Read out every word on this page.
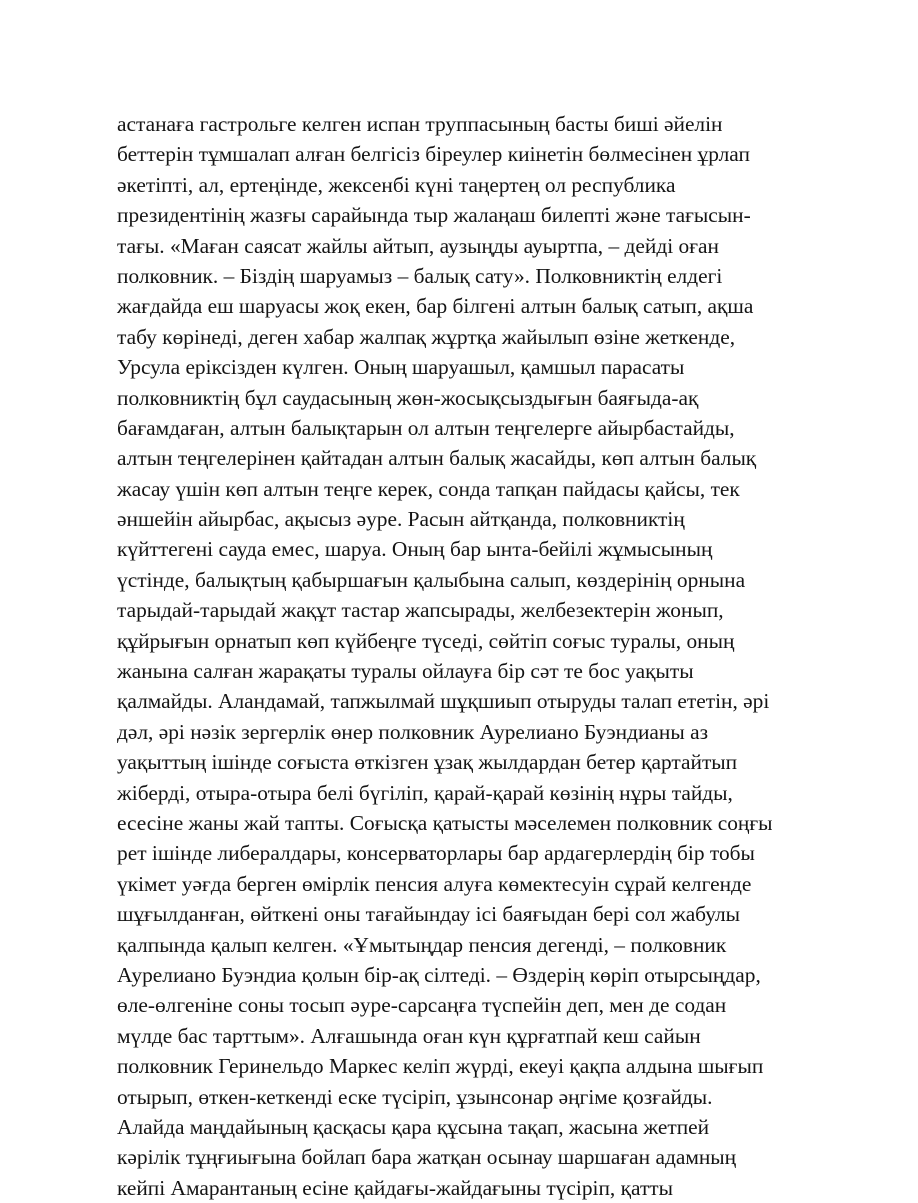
астанаға гастрольге келген испан труппасының басты биші әйелін
беттерін тұмшалап алған белгісіз біреулер киінетін бөлмесінен ұрлап
әкетіпті, ал, ертеңінде, жексенбі күні таңертең ол республика
президентінің жазғы сарайында тыр жалаңаш билепті және тағысын-
тағы. «Маған саясат жайлы айтып, аузыңды ауыртпа, – дейді оған
полковник. – Біздің шаруамыз – балық сату». Полковниктің елдегі
жағдайда еш шаруасы жоқ екен, бар білгені алтын балық сатып, ақша
табу көрінеді, деген хабар жалпақ жұртқа жайылып өзіне жеткенде,
Урсула еріксізден күлген. Оның шаруашыл, қамшыл парасаты
полковниктің бұл саудасының жөн-жосықсыздығын баяғыда-ақ
бағамдаған, алтын балықтарын ол алтын теңгелерге айырбастайды,
алтын теңгелерінен қайтадан алтын балық жасайды, көп алтын балық
жасау үшін көп алтын теңге керек, сонда тапқан пайдасы қайсы, тек
әншейін айырбас, ақысыз әуре. Расын айтқанда, полковниктің
күйттегені сауда емес, шаруа. Оның бар ынта-бейілі жұмысының
үстінде, балықтың қабыршағын қалыбына салып, көздерінің орнына
тарыдай-тарыдай жақұт тастар жапсырады, желбезектерін жонып,
құйрығын орнатып көп күйбеңге түседі, сөйтіп соғыс туралы, оның
жанына салған жарақаты туралы ойлауға бір сәт те бос уақыты
қалмайды. Аландамай, тапжылмай шұқшиып отыруды талап ететін, әрі
дәл, әрі нәзік зергерлік өнер полковник Аурелиано Буэндианы аз
уақыттың ішінде соғыста өткізген ұзақ жылдардан бетер қартайтып
жіберді, отыра-отыра белі бүгіліп, қарай-қарай көзінің нұры тайды,
есесіне жаны жай тапты. Соғысқа қатысты мәселемен полковник соңғы
рет ішінде либералдары, консерваторлары бар ардагерлердің бір тобы
үкімет уәғда берген өмірлік пенсия алуға көмектесуін сұрай келгенде
шұғылданған, өйткені оны тағайындау ісі баяғыдан бері сол жабулы
қалпында қалып келген. «Ұмытыңдар пенсия дегенді, – полковник
Аурелиано Буэндиа қолын бір-ақ сілтеді. – Өздерің көріп отырсыңдар,
өле-өлгеніне соны тосып әуре-сарсаңға түспейін деп, мен де содан
мүлде бас тарттым». Алғашында оған күн құрғатпай кеш сайын
полковник Геринельдо Маркес келіп жүрді, екеуі қақпа алдына шығып
отырып, өткен-кеткенді еске түсіріп, ұзынсонар әңгіме қозғайды.
Алайда маңдайының қасқасы қара құсына тақап, жасына жетпей
кәрілік тұңғиығына бойлап бара жатқан осынау шаршаған адамның
кейпі Амарантаның есіне қайдағы-жайдағыны түсіріп, қатты
